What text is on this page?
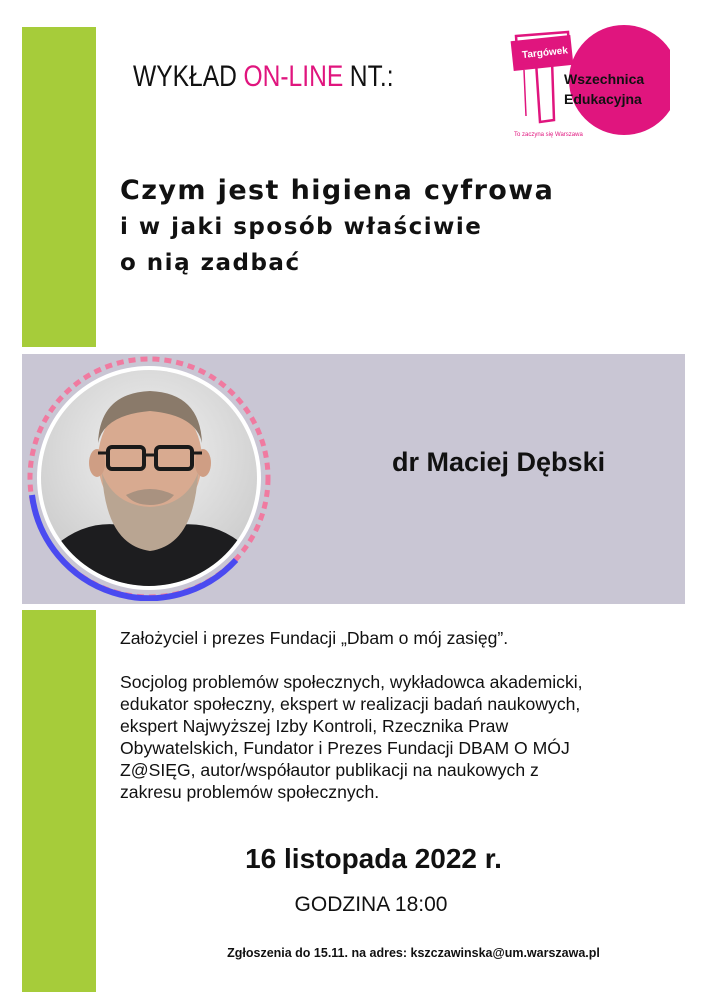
WYKŁAD ON-LINE NT.:
Targówek
Wszechnica
Edukacyjna
To zaczyna się Warszawa
Czym jest higiena cyfrowa
i w jaki sposób właściwie
o nią zadbać
dr Maciej Dębski

Założyciel i prezes Fundacji „Dbam o mój zasięg”.

Socjolog problemów społecznych, wykładowca akademicki,
edukator społeczny, ekspert w realizacji badań naukowych,
ekspert Najwyższej Izby Kontroli, Rzecznika Praw
Obywatelskich, Fundator i Prezes Fundacji DBAM O MÓJ
Z@SIĘG, autor/współautor publikacji na naukowych z
zakresu problemów społecznych.

16 listopada 2022 r.
GODZINA 18:00
Zgłoszenia do 15.11. na adres: kszczawinska@um.warszawa.pl
